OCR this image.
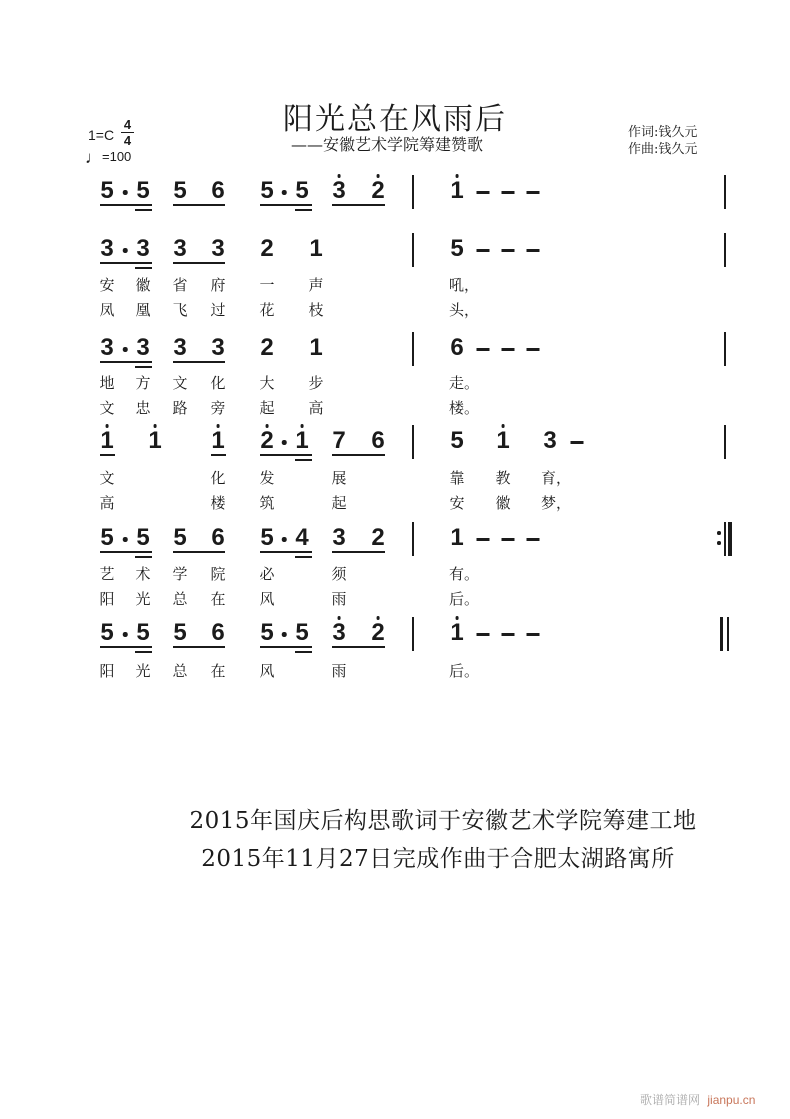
阳光总在风雨后
——安徽艺术学院筹建赞歌
作词:钱久元
作曲:钱久元
1=C
4
4
♩=100
5 5 5 6 5 5 3 2	1
3 3 3 3 2 1	5
安 徽 省 府 一 声	吼，
凤 凰 飞 过 花 枝	头，
3 3 3 3 2 1	6
地 方 文 化 大 步	走。
文 忠 路 旁 起 高	楼。
1 1 1 2 1 7 6	5 1 3
文	化 发	展	靠 教 育，
高	楼 筑	起	安 徽 梦，
5 5 5 6 5 4 3 2	1
艺 术 学 院 必	须	有。
阳 光 总 在 风	雨	后。
5 5 5 6 5 5 3 2	1
阳 光 总 在 风	雨	后。
2015年国庆后构思歌词于安徽艺术学院筹建工地
2015年11月27日完成作曲于合肥太湖路寓所
歌谱简谱网 jianpu.cn
